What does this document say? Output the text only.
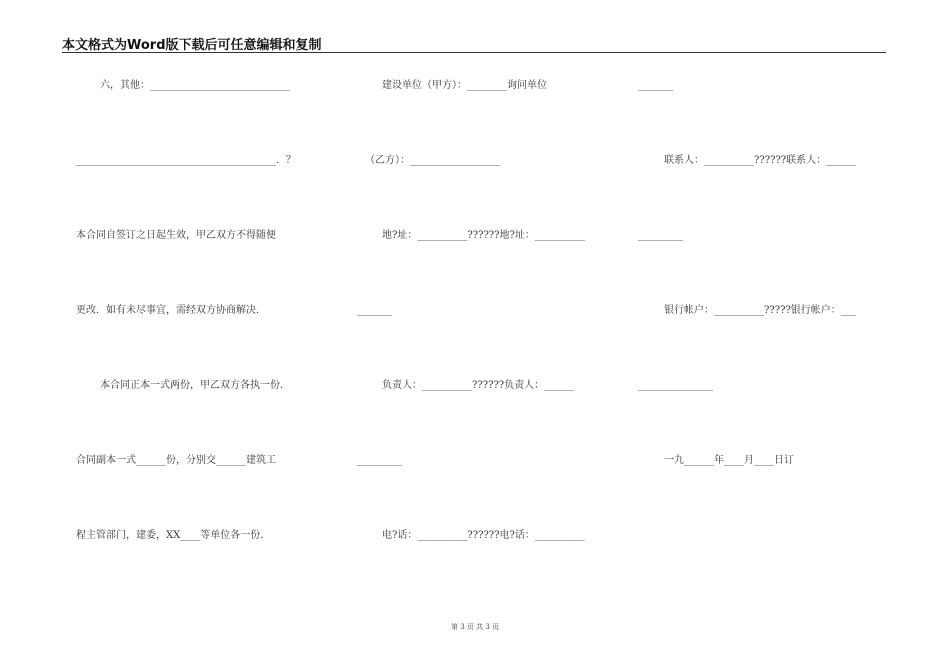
本文格式为Word版下载后可任意编辑和复制
六，其他：____________________________
________________________________________．？
本合同自签订之日起生效，甲乙双方不得随便
更改．如有未尽事宜，需经双方协商解决．
本合同正本一式两份，甲乙双方各执一份．
合同副本一式______份，分别交______建筑工
程主管部门，建委，XX____等单位各一份．
建设单位（甲方）：________询问单位
（乙方）：__________________
地?址：__________??????地?址：__________
_______
负责人：__________??????负责人：______
_________
电?话：__________??????电?话：__________
_______
联系人：__________??????联系人：______
_________
银行帐户：__________?????银行帐户：___
_______________
一九______年____月____日订
第 3 页 共 3 页
